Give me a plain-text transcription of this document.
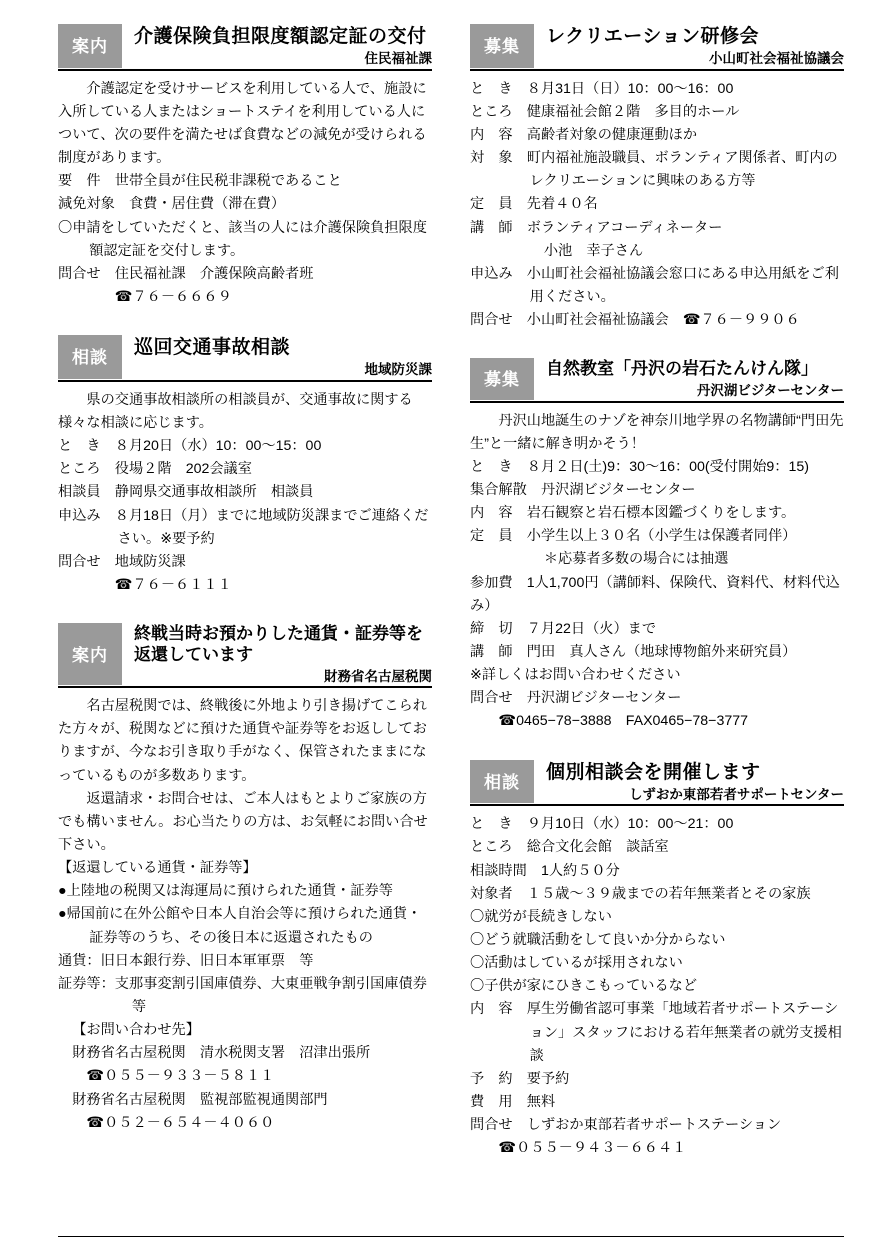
案内	介護保険負担限度額認定証の交付
住民福祉課

　介護認定を受けサービスを利用している人で、施設に入所している人またはショートステイを利用している人について、次の要件を満たせば食費などの減免が受けられる制度があります。

要　件　世帯全員が住民税非課税であること

減免対象　食費・居住費（滞在費）

〇申請をしていただくと、該当の人には介護保険負担限度額認定証を交付します。

問合せ　住民福祉課　介護保険高齢者班

☎７６－６６６９

相談	巡回交通事故相談
地域防災課

　県の交通事故相談所の相談員が、交通事故に関する様々な相談に応じます。

と　き　８月20日（水）10：00〜15：00

ところ　役場２階　202会議室

相談員　静岡県交通事故相談所　相談員

申込み　８月18日（月）までに地域防災課までご連絡ください。※要予約

問合せ　地域防災課

☎７６－６１１１

案内
終戦当時お預かりした通貨・証券等を返還しています
財務省名古屋税関

　名古屋税関では、終戦後に外地より引き揚げてこられた方々が、税関などに預けた通貨や証券等をお返ししておりますが、今なお引き取り手がなく、保管されたままになっているものが多数あります。

　返還請求・お問合せは、ご本人はもとよりご家族の方でも構いません。お心当たりの方は、お気軽にお問い合せ下さい。

【返還している通貨・証券等】

●上陸地の税関又は海運局に預けられた通貨・証券等

●帰国前に在外公館や日本人自治会等に預けられた通貨・証券等のうち、その後日本に返還されたもの

通貨：旧日本銀行券、旧日本軍軍票　等

証券等：支那事変割引国庫債券、大東亜戦争割引国庫債券　等

【お問い合わせ先】

財務省名古屋税関　清水税関支署　沼津出張所

☎０５５－９３３－５８１１

財務省名古屋税関　監視部監視通関部門

☎０５２－６５４－４０６０

募集	レクリエーション研修会
小山町社会福祉協議会

と　き　８月31日（日）10：00〜16：00

ところ　健康福祉会館２階　多目的ホール

内　容　高齢者対象の健康運動ほか

対　象　町内福祉施設職員、ボランティア関係者、町内のレクリエーションに興味のある方等

定　員　先着４０名

講　師　ボランティアコーディネーター

小池　幸子さん

申込み　小山町社会福祉協議会窓口にある申込用紙をご利用ください。

問合せ　小山町社会福祉協議会　☎７６－９９０６

募集
自然教室「丹沢の岩石たんけん隊」
丹沢湖ビジターセンター

　丹沢山地誕生のナゾを神奈川地学界の名物講師“門田先生”と一緒に解き明かそう！

と　き　８月２日(土)9：30〜16：00(受付開始9：15)

集合解散　丹沢湖ビジターセンター

内　容　岩石観察と岩石標本図鑑づくりをします。

定　員　小学生以上３０名（小学生は保護者同伴）

＊応募者多数の場合には抽選

参加費　1人1,700円（講師料、保険代、資料代、材料代込み）

締　切　７月22日（火）まで

講　師　門田　真人さん（地球博物館外来研究員）

※詳しくはお問い合わせください

問合せ　丹沢湖ビジターセンター

☎0465−78−3888　FAX0465−78−3777

相談	個別相談会を開催します
しずおか東部若者サポートセンター

と　き　９月10日（水）10：00〜21：00

ところ　総合文化会館　談話室

相談時間　1人約５０分

対象者　１５歳〜３９歳までの若年無業者とその家族

〇就労が長続きしない

〇どう就職活動をして良いか分からない

〇活動はしているが採用されない

〇子供が家にひきこもっているなど

内　容　厚生労働省認可事業「地域若者サポートステーション」スタッフにおける若年無業者の就労支援相談

予　約　要予約

費　用　無料

問合せ　しずおか東部若者サポートステーション

☎０５５－９４３－６６４１
